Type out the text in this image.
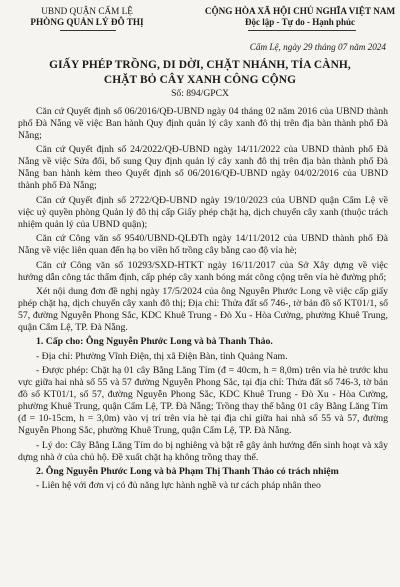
UBND QUẬN CẨM LỆ
PHÒNG QUẢN LÝ ĐÔ THỊ
CỘNG HÒA XÃ HỘI CHỦ NGHĨA VIỆT NAM
Độc lập - Tự do - Hạnh phúc
Cẩm Lệ, ngày 29 tháng 07 năm 2024
GIẤY PHÉP TRỒNG, DI DỜI, CHẶT NHÁNH, TỈA CÀNH,
CHẶT BỎ CÂY XANH CÔNG CỘNG
Số: 894/GPCX

Căn cứ Quyết định số 06/2016/QĐ-UBND ngày 04 tháng 02 năm 2016 của UBND thành phố Đà Nẵng về việc Ban hành Quy định quản lý cây xanh đô thị trên địa bàn thành phố Đà Nẵng;

Căn cứ Quyết định số 24/2022/QĐ-UBND ngày 14/11/2022 của UBND thành phố Đà Nẵng về việc Sửa đổi, bổ sung Quy định quản lý cây xanh đô thị trên địa bàn thành phố Đà Nẵng ban hành kèm theo Quyết định số 06/2016/QĐ-UBND ngày 04/02/2016 của UBND thành phố Đà Nẵng;

Căn cứ Quyết định số 2722/QĐ-UBND ngày 19/10/2023 của UBND quận Cẩm Lệ về việc uỷ quyền phòng Quản lý đô thị cấp Giấy phép chặt hạ, dịch chuyển cây xanh (thuộc trách nhiệm quản lý của UBND quận);

Căn cứ Công văn số 9540/UBND-QLĐTh ngày 14/11/2012 của UBND thành phố Đà Nẵng về việc liên quan đến hạ bo viền hố trồng cây bằng cao độ vỉa hè;

Căn cứ Công văn số 10293/SXD-HTKT ngày 16/11/2017 của Sở Xây dựng về việc hướng dẫn công tác thẩm định, cấp phép cây xanh bóng mát công cộng trên vỉa hè đường phố;

Xét nội dung đơn đề nghị ngày 17/5/2024 của ông Nguyễn Phước Long về việc cấp giấy phép chặt hạ, dịch chuyển cây xanh đô thị; Địa chỉ: Thửa đất số 746-, tờ bản đồ số KT01/1, số 57, đường Nguyễn Phong Sắc, KDC Khuê Trung - Đò Xu - Hòa Cường, phường Khuê Trung, quận Cẩm Lệ, TP. Đà Nẵng.

1. Cấp cho: Ông Nguyễn Phước Long và bà Thanh Thảo.

- Địa chỉ: Phường Vĩnh Điện, thị xã Điện Bàn, tỉnh Quảng Nam.

- Được phép: Chặt hạ 01 cây Bằng Lăng Tím (đ = 40cm, h = 8,0m) trên vỉa hè trước khu vực giữa hai nhà số 55 và 57 đường Nguyễn Phong Sắc, tại địa chỉ: Thửa đất số 746-3, tờ bản đồ số KT01/1, số 57, đường Nguyễn Phong Sắc, KDC Khuê Trung - Đò Xu - Hòa Cường, phường Khuê Trung, quận Cẩm Lệ, TP. Đà Nẵng; Trồng thay thế bằng 01 cây Bằng Lăng Tím (đ = 10-15cm, h = 3,0m) vào vị trí trên vỉa hè tại địa chỉ giữa hai nhà số 55 và 57, đường Nguyễn Phong Sắc, phường Khuê Trung, quận Cẩm Lệ, TP. Đà Nẵng.

- Lý do: Cây Bằng Lăng Tím do bị nghiêng và bật rễ gây ảnh hưởng đến sinh hoạt và xây dựng nhà ở của chủ hộ. Đề xuất chặt hạ không trồng thay thế.

2. Ông Nguyễn Phước Long và bà Phạm Thị Thanh Thảo có trách nhiệm

- Liên hệ với đơn vị có đủ năng lực hành nghề và tư cách pháp nhân theo
